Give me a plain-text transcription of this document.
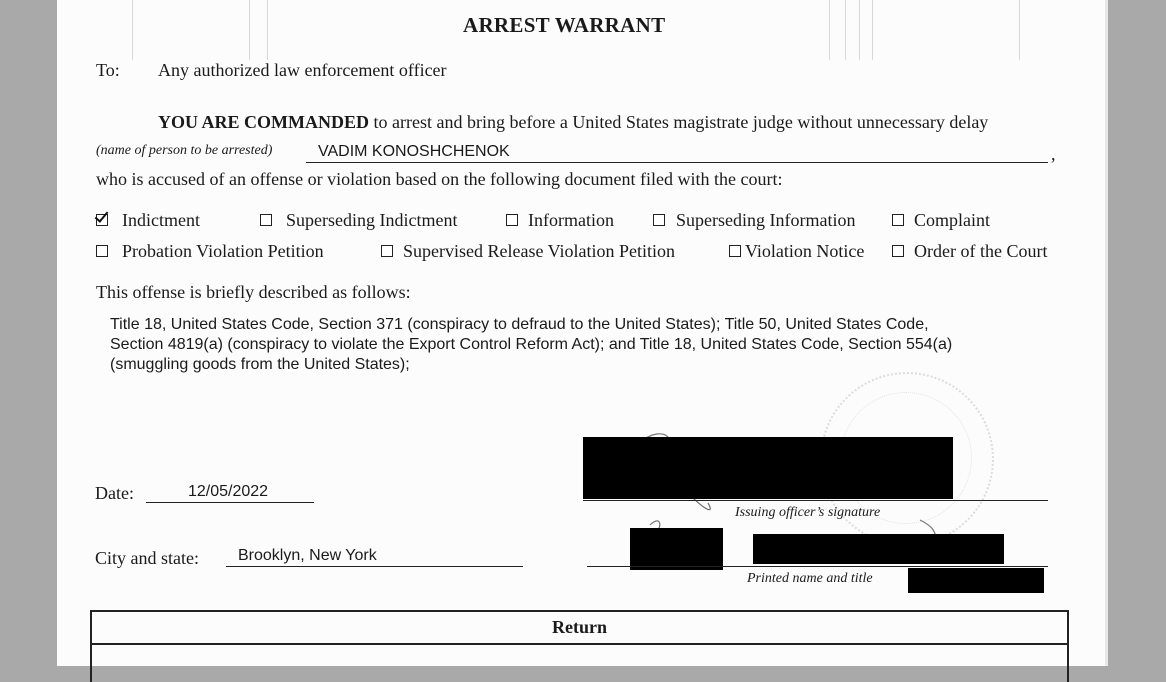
ARREST WARRANT
To: Any authorized law enforcement officer
YOU ARE COMMANDED to arrest and bring before a United States magistrate judge without unnecessary delay
(name of person to be arrested)	VADIM KONOSHCHENOK	,
who is accused of an offense or violation based on the following document filed with the court:
Indictment	Superseding Indictment	Information	Superseding Information	Complaint
Probation Violation Petition	Supervised Release Violation Petition	Violation Notice	Order of the Court
This offense is briefly described as follows:
Title 18, United States Code, Section 371 (conspiracy to defraud to the United States); Title 50, United States Code,
Section 4819(a) (conspiracy to violate the Export Control Reform Act); and Title 18, United States Code, Section 554(a)
(smuggling goods from the United States);
Issuing officer’s signature
Date:	12/05/2022
City and state: Brooklyn, New York
Printed name and title
Return
